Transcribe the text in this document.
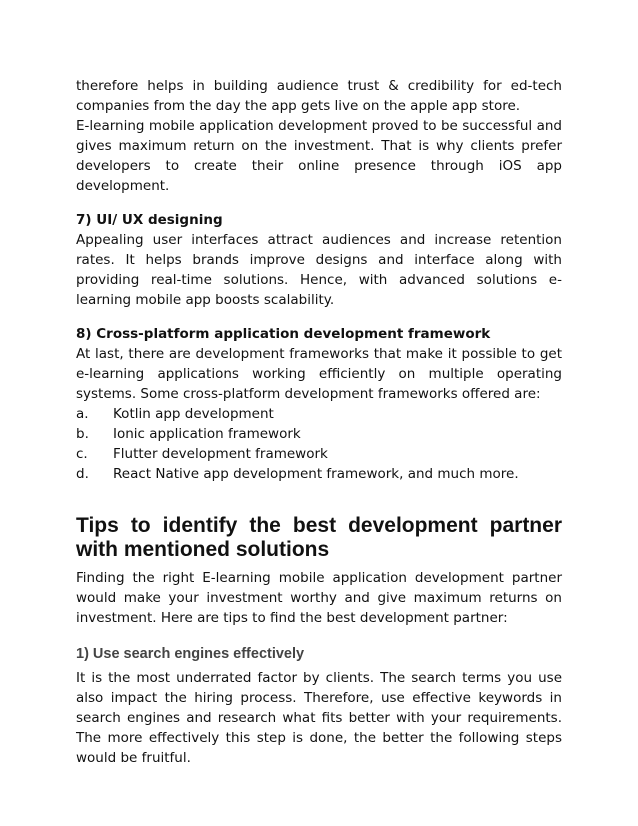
therefore helps in building audience trust & credibility for ed-tech companies from the day the app gets live on the apple app store.

E-learning mobile application development proved to be successful and gives maximum return on the investment. That is why clients prefer developers to create their online presence through iOS app development.

7) UI/ UX designing

Appealing user interfaces attract audiences and increase retention rates. It helps brands improve designs and interface along with providing real-time solutions. Hence, with advanced solutions e-learning mobile app boosts scalability.

8) Cross-platform application development framework

At last, there are development frameworks that make it possible to get e-learning applications working efficiently on multiple operating systems. Some cross-platform development frameworks offered are:

a.	Kotlin app development
b.	Ionic application framework
c.	Flutter development framework
d.	React Native app development framework, and much more.
Tips to identify the best development partner with mentioned solutions

Finding the right E-learning mobile application development partner would make your investment worthy and give maximum returns on investment. Here are tips to find the best development partner:

1) Use search engines effectively

It is the most underrated factor by clients. The search terms you use also impact the hiring process. Therefore, use effective keywords in search engines and research what fits better with your requirements. The more effectively this step is done, the better the following steps would be fruitful.
